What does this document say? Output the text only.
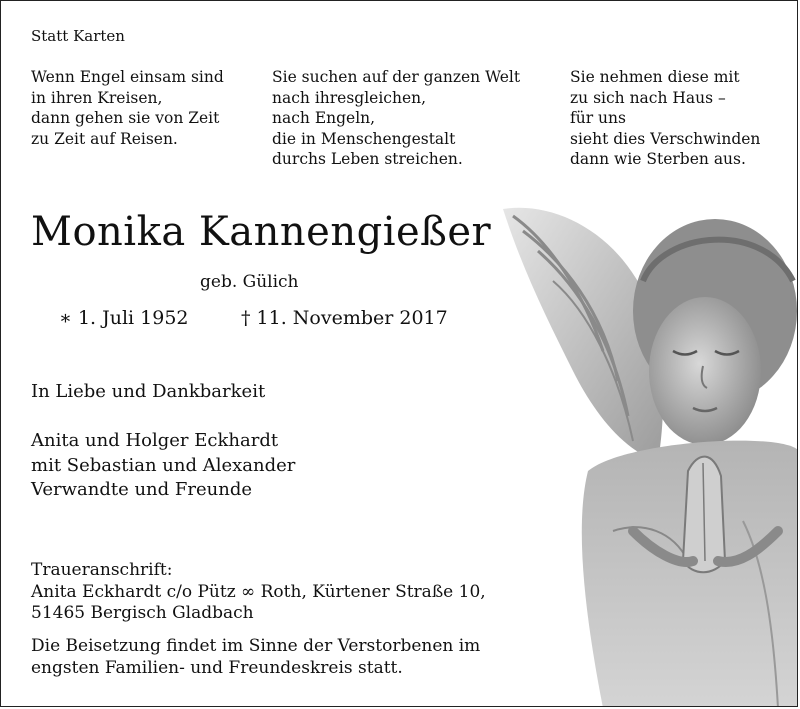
Statt Karten
Wenn Engel einsam sind
in ihren Kreisen,
dann gehen sie von Zeit
zu Zeit auf Reisen.
Sie suchen auf der ganzen Welt
nach ihresgleichen,
nach Engeln,
die in Menschengestalt
durchs Leben streichen.
Sie nehmen diese mit
zu sich nach Haus –
für uns
sieht dies Verschwinden
dann wie Sterben aus.
Monika Kannengießer
geb. Gülich
∗ 1. Juli 1952	† 11. November 2017
In Liebe und Dankbarkeit
Anita und Holger Eckhardt
mit Sebastian und Alexander
Verwandte und Freunde
Traueranschrift:
Anita Eckhardt c/o Pütz ∞ Roth, Kürtener Straße 10,
51465 Bergisch Gladbach
Die Beisetzung findet im Sinne der Verstorbenen im
engsten Familien- und Freundeskreis statt.
